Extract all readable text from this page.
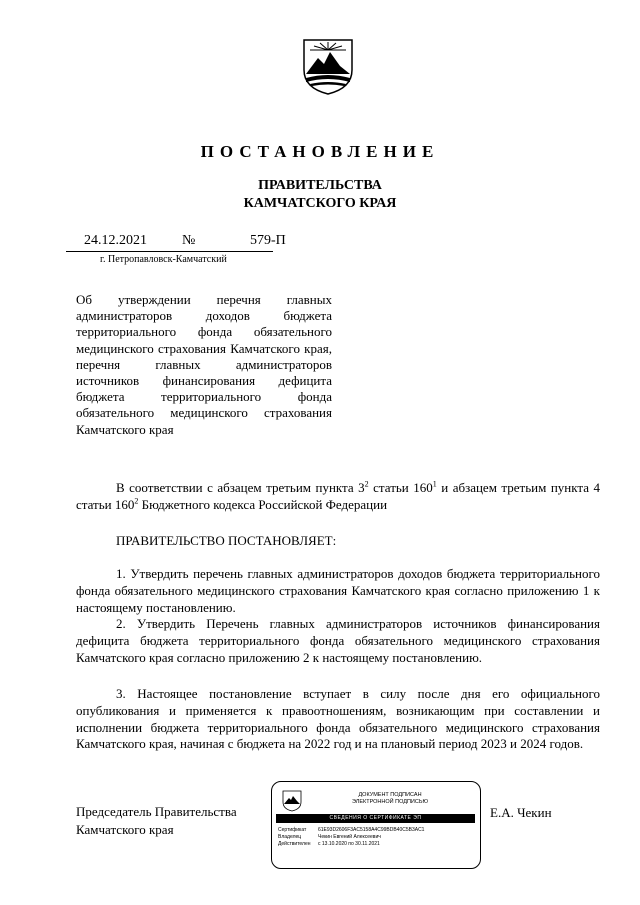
ПОСТАНОВЛЕНИЕ
ПРАВИТЕЛЬСТВА
КАМЧАТСКОГО КРАЯ
24.12.2021	№	579-П
г. Петропавловск-Камчатский
Об утверждении перечня главных администраторов доходов бюджета территориального фонда обязательного медицинского страхования Камчатского края, перечня главных администраторов источников финансирования дефицита бюджета территориального фонда обязательного медицинского страхования Камчатского края
В соответствии с абзацем третьим пункта $3^2$ статьи $160^1$ и абзацем третьим пункта 4 статьи $160^2$ Бюджетного кодекса Российской Федерации
ПРАВИТЕЛЬСТВО ПОСТАНОВЛЯЕТ:
1. Утвердить перечень главных администраторов доходов бюджета территориального фонда обязательного медицинского страхования Камчатского края согласно приложению 1 к настоящему постановлению.
2. Утвердить Перечень главных администраторов источников финансирования дефицита бюджета территориального фонда обязательного медицинского страхования Камчатского края согласно приложению 2 к настоящему постановлению.
3. Настоящее постановление вступает в силу после дня его официального опубликования и применяется к правоотношениям, возникающим при составлении и исполнении бюджета территориального фонда обязательного медицинского страхования Камчатского края, начиная с бюджета на 2022 год и на плановый период 2023 и 2024 годов.
Председатель Правительства
Камчатского края
Е.А. Чекин
ДОКУМЕНТ ПОДПИСАН
ЭЛЕКТРОННОЙ ПОДПИСЬЮ
СВЕДЕНИЯ О СЕРТИФИКАТЕ ЭП
Сертификат 61E93D2606F3AC5158A4C99BDB40C5B3AC1
Владелец	Чекин Евгений Алексеевич
Действителен с 13.10.2020 по 30.11.2021
